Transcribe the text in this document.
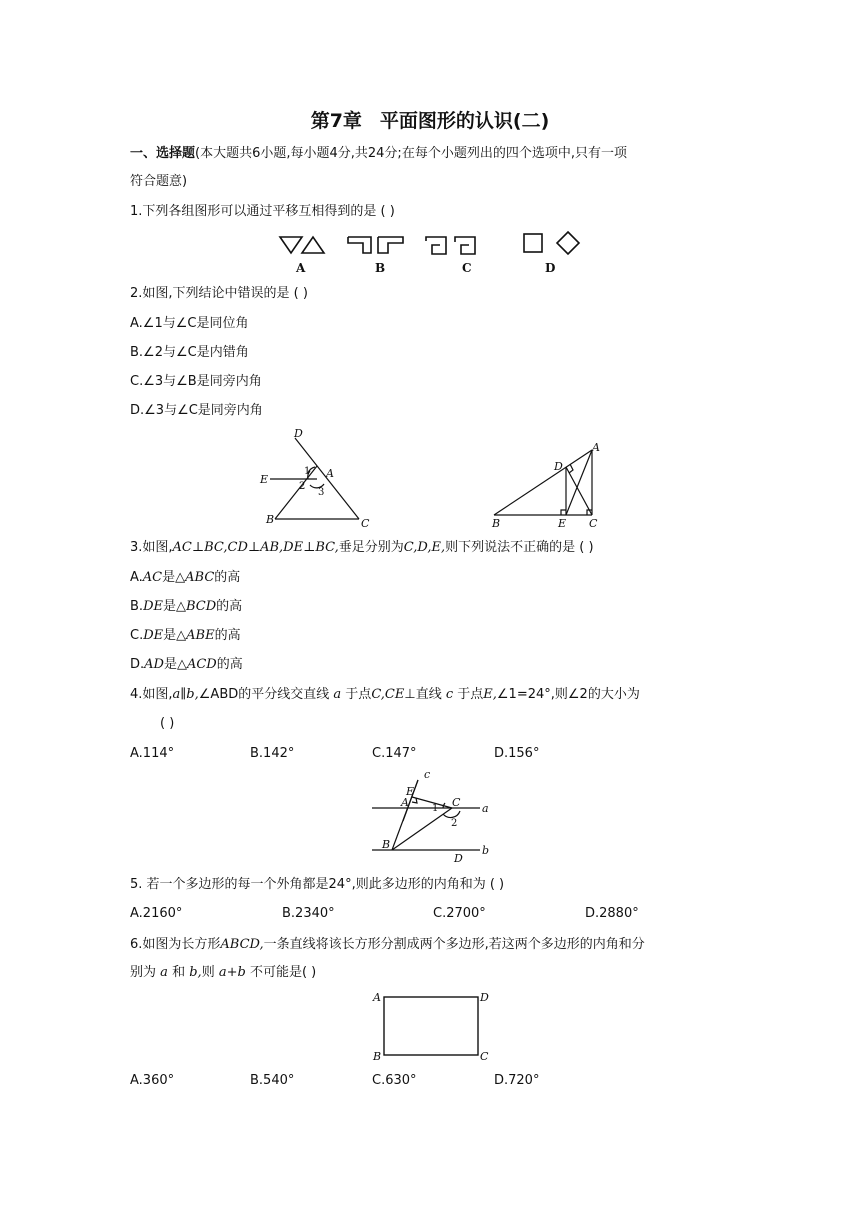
第7章 平面图形的认识(二)
一、选择题(本大题共6小题,每小题4分,共24分;在每个小题列出的四个选项中,只有一项
符合题意)
1.下列各组图形可以通过平移互相得到的是 ( )
A	B	C	D
2.如图,下列结论中错误的是 ( )
A.∠1与∠C是同位角
B.∠2与∠C是内错角
C.∠3与∠B是同旁内角
D.∠3与∠C是同旁内角
D
A
E
1
2
3
B	C
A
D
B	E C
3.如图,AC⊥BC,CD⊥AB,DE⊥BC,垂足分别为C,D,E,则下列说法不正确的是 ( )
A.AC是△ABC的高
B.DE是△BCD的高
C.DE是△ABE的高
D.AD是△ACD的高
4.如图,a∥b,∠ABD的平分线交直线 a 于点C,CE⊥直线 c 于点E,∠1=24°,则∠2的大小为
( )
A.114°	B.142°	C.147°	D.156°
c
E
A 1 C a
2
B
D
b
5. 若一个多边形的每一个外角都是24°,则此多边形的内角和为 ( )
A.2160°	B.2340°	C.2700°	D.2880°
6.如图为长方形ABCD,一条直线将该长方形分割成两个多边形,若这两个多边形的内角和分
别为 a 和 b,则 a+b 不可能是( )
A	D
B	C
A.360°	B.540°	C.630°	D.720°
